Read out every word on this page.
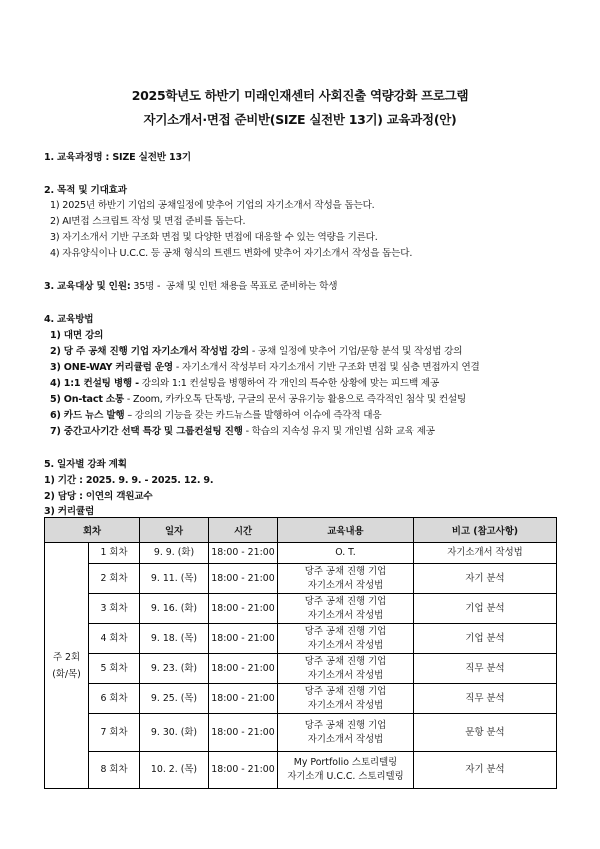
2025학년도 하반기 미래인재센터 사회진출 역량강화 프로그램
자기소개서·면접 준비반(SIZE 실전반 13기) 교육과정(안)
1. 교육과정명 : SIZE 실전반 13기
2. 목적 및 기대효과
1) 2025년 하반기 기업의 공채일정에 맞추어 기업의 자기소개서 작성을 돕는다.
2) AI면접 스크립트 작성 및 면접 준비를 돕는다.
3) 자기소개서 기반 구조화 면접 및 다양한 면접에 대응할 수 있는 역량을 기른다.
4) 자유양식이나 U.C.C. 등 공채 형식의 트렌드 변화에 맞추어 자기소개서 작성을 돕는다.
3. 교육대상 및 인원: 35명 - 공채 및 인턴 채용을 목표로 준비하는 학생
4. 교육방법
1) 대면 강의
2) 당 주 공채 진행 기업 자기소개서 작성법 강의 - 공채 일정에 맞추어 기업/문항 분석 및 작성법 강의
3) ONE-WAY 커리큘럼 운영 - 자기소개서 작성부터 자기소개서 기반 구조화 면접 및 심층 면접까지 연결
4) 1:1 컨설팅 병행 - 강의와 1:1 컨설팅을 병행하여 각 개인의 특수한 상황에 맞는 피드백 제공
5) On-tact 소통 - Zoom, 카카오톡 단톡방, 구글의 문서 공유기능 활용으로 즉각적인 첨삭 및 컨설팅
6) 카드 뉴스 발행 – 강의의 기능을 갖는 카드뉴스를 발행하여 이슈에 즉각적 대응
7) 중간고사기간 선택 특강 및 그룹컨설팅 진행 - 학습의 지속성 유지 및 개인별 심화 교육 제공
5. 일자별 강좌 계획
1) 기간 : 2025. 9. 9. - 2025. 12. 9.
2) 담당 : 이연의 객원교수
3) 커리큘럼
회차		일자	시간	교육내용	비고 (참고사항)
주 2회
(화/목)	1 회차	9. 9. (화)	18:00 - 21:00	O. T.	자기소개서 작성법
	2 회차	9. 11. (목)	18:00 - 21:00	당주 공채 진행 기업
자기소개서 작성법	자기 분석
	3 회차	9. 16. (화)	18:00 - 21:00	당주 공채 진행 기업
자기소개서 작성법	기업 분석
	4 회차	9. 18. (목)	18:00 - 21:00	당주 공채 진행 기업
자기소개서 작성법	기업 분석
	5 회차	9. 23. (화)	18:00 - 21:00	당주 공채 진행 기업
자기소개서 작성법	직무 분석
	6 회차	9. 25. (목)	18:00 - 21:00	당주 공채 진행 기업
자기소개서 작성법	직무 분석
	7 회차	9. 30. (화)	18:00 - 21:00	당주 공채 진행 기업
자기소개서 작성법	문항 분석
	8 회차	10. 2. (목)	18:00 - 21:00	My Portfolio 스토리텔링
자기소개 U.C.C. 스토리텔링	자기 분석
